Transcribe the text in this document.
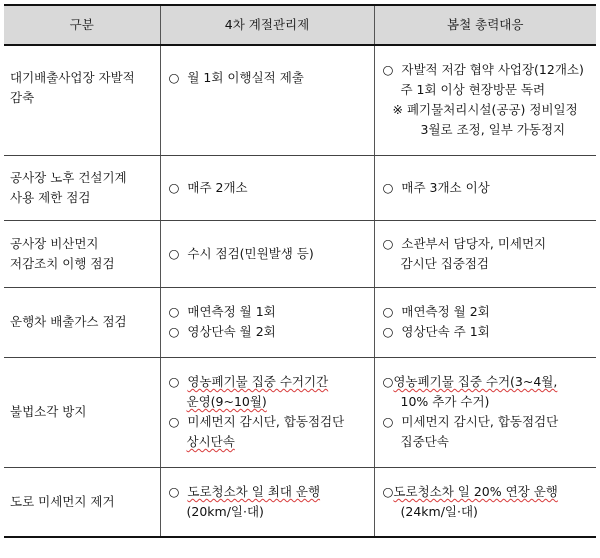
구분	4차 계절관리제	봄철 총력대응

대기배출사업장 자발적
감축	○ 월 1회 이행실적 제출	○ 자발적 저감 협약 사업장(12개소)
주 1회 이상 현장방문 독려
※ 폐기물처리시설(공공) 정비일정
3월로 조정, 일부 가동정지

공사장 노후 건설기계
사용 제한 점검	○ 매주 2개소	○ 매주 3개소 이상

공사장 비산먼지
저감조치 이행 점검	○ 수시 점검(민원발생 등)	○ 소관부서 담당자, 미세먼지
감시단 집중점검

운행차 배출가스 점검	○ 매연측정 월 1회
○ 영상단속 월 2회	○ 매연측정 월 2회
○ 영상단속 주 1회

불법소각 방지	○ 영농폐기물 집중 수거기간
운영(9~10월)
○ 미세먼지 감시단, 합동점검단
상시단속	○영농폐기물 집중 수거(3~4월,
10% 추가 수거)
○ 미세먼지 감시단, 합동점검단
집중단속

도로 미세먼지 제거	○ 도로청소차 일 최대 운행
(20km/일·대)	○도로청소차 일 20% 연장 운행
(24km/일·대)
